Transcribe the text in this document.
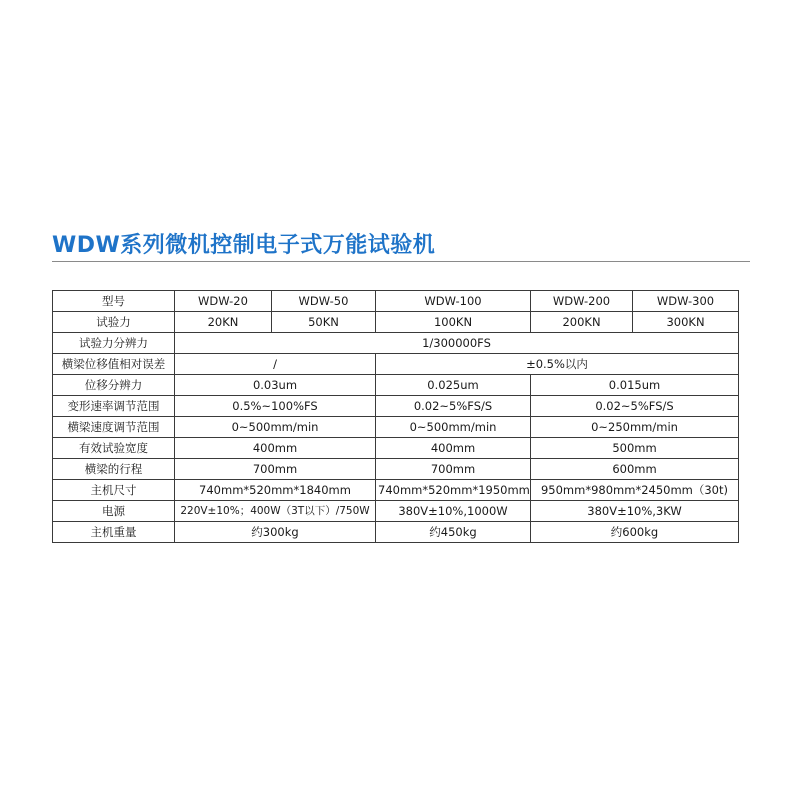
WDW系列微机控制电子式万能试验机
型号	WDW-20	WDW-50	WDW-100	WDW-200	WDW-300
试验力	20KN	50KN	100KN	200KN	300KN
试验力分辨力	1/300000FS				
横梁位移值相对误差	/		±0.5%以内		
位移分辨力	0.03um		0.025um	0.015um	
变形速率调节范围	0.5%~100%FS		0.02~5%FS/S	0.02~5%FS/S	
横梁速度调节范围	0~500mm/min		0~500mm/min	0~250mm/min	
有效试验宽度	400mm		400mm	500mm	
横梁的行程	700mm		700mm	600mm	
主机尺寸	740mm*520mm*1840mm		740mm*520mm*1950mm	950mm*980mm*2450mm（30t)	
电源	220V±10%；400W（3T以下）/750W		380V±10%,1000W	380V±10%,3KW	
主机重量	约300kg		约450kg	约600kg	
